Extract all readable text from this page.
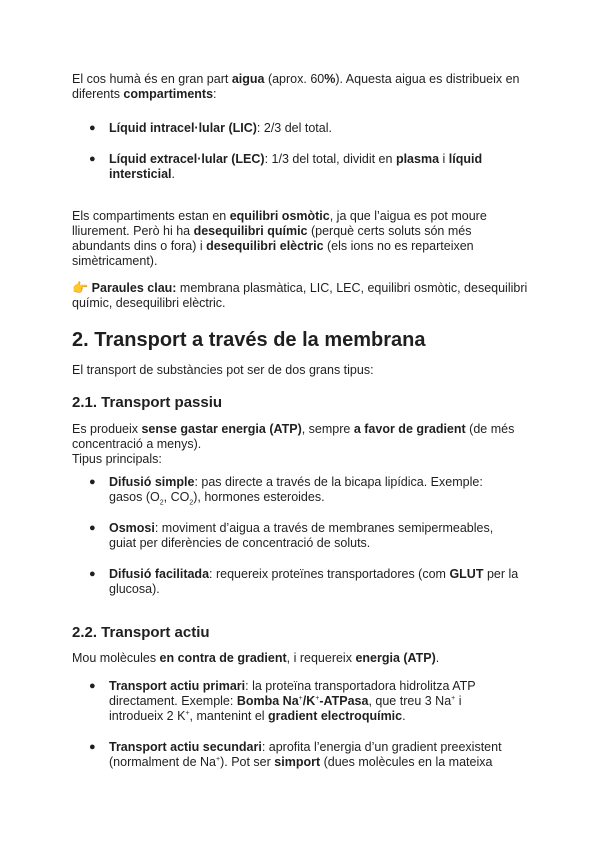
El cos humà és en gran part aigua (aprox. 60%). Aquesta aigua es distribueix en diferents compartiments:

● Líquid intracel·lular (LIC): 2/3 del total.
● Líquid extracel·lular (LEC): 1/3 del total, dividit en plasma i líquid intersticial.

Els compartiments estan en equilibri osmòtic, ja que l’aigua es pot moure lliurement. Però hi ha desequilibri químic (perquè certs soluts són més abundants dins o fora) i desequilibri elèctric (els ions no es reparteixen simètricament).

👉 Paraules clau: membrana plasmàtica, LIC, LEC, equilibri osmòtic, desequilibri químic, desequilibri elèctric.

2. Transport a través de la membrana

El transport de substàncies pot ser de dos grans tipus:

2.1. Transport passiu

Es produeix sense gastar energia (ATP), sempre a favor de gradient (de més concentració a menys).

Tipus principals:

● Difusió simple: pas directe a través de la bicapa lipídica. Exemple: gasos ($O_2$, $CO_2$), hormones esteroides.
● Osmosi: moviment d’aigua a través de membranes semipermeables, guiat per diferències de concentració de soluts.
● Difusió facilitada: requereix proteïnes transportadores (com GLUT per la glucosa).
2.2. Transport actiu

Mou molècules en contra de gradient, i requereix energia (ATP).

● Transport actiu primari: la proteïna transportadora hidrolitza ATP directament. Exemple: Bomba Na+/K+-ATPasa, que treu 3 Na+ i introdueix 2 K+, mantenint el gradient electroquímic.
● Transport actiu secundari: aprofita l’energia d’un gradient preexistent (normalment de Na+). Pot ser simport (dues molècules en la mateixa
